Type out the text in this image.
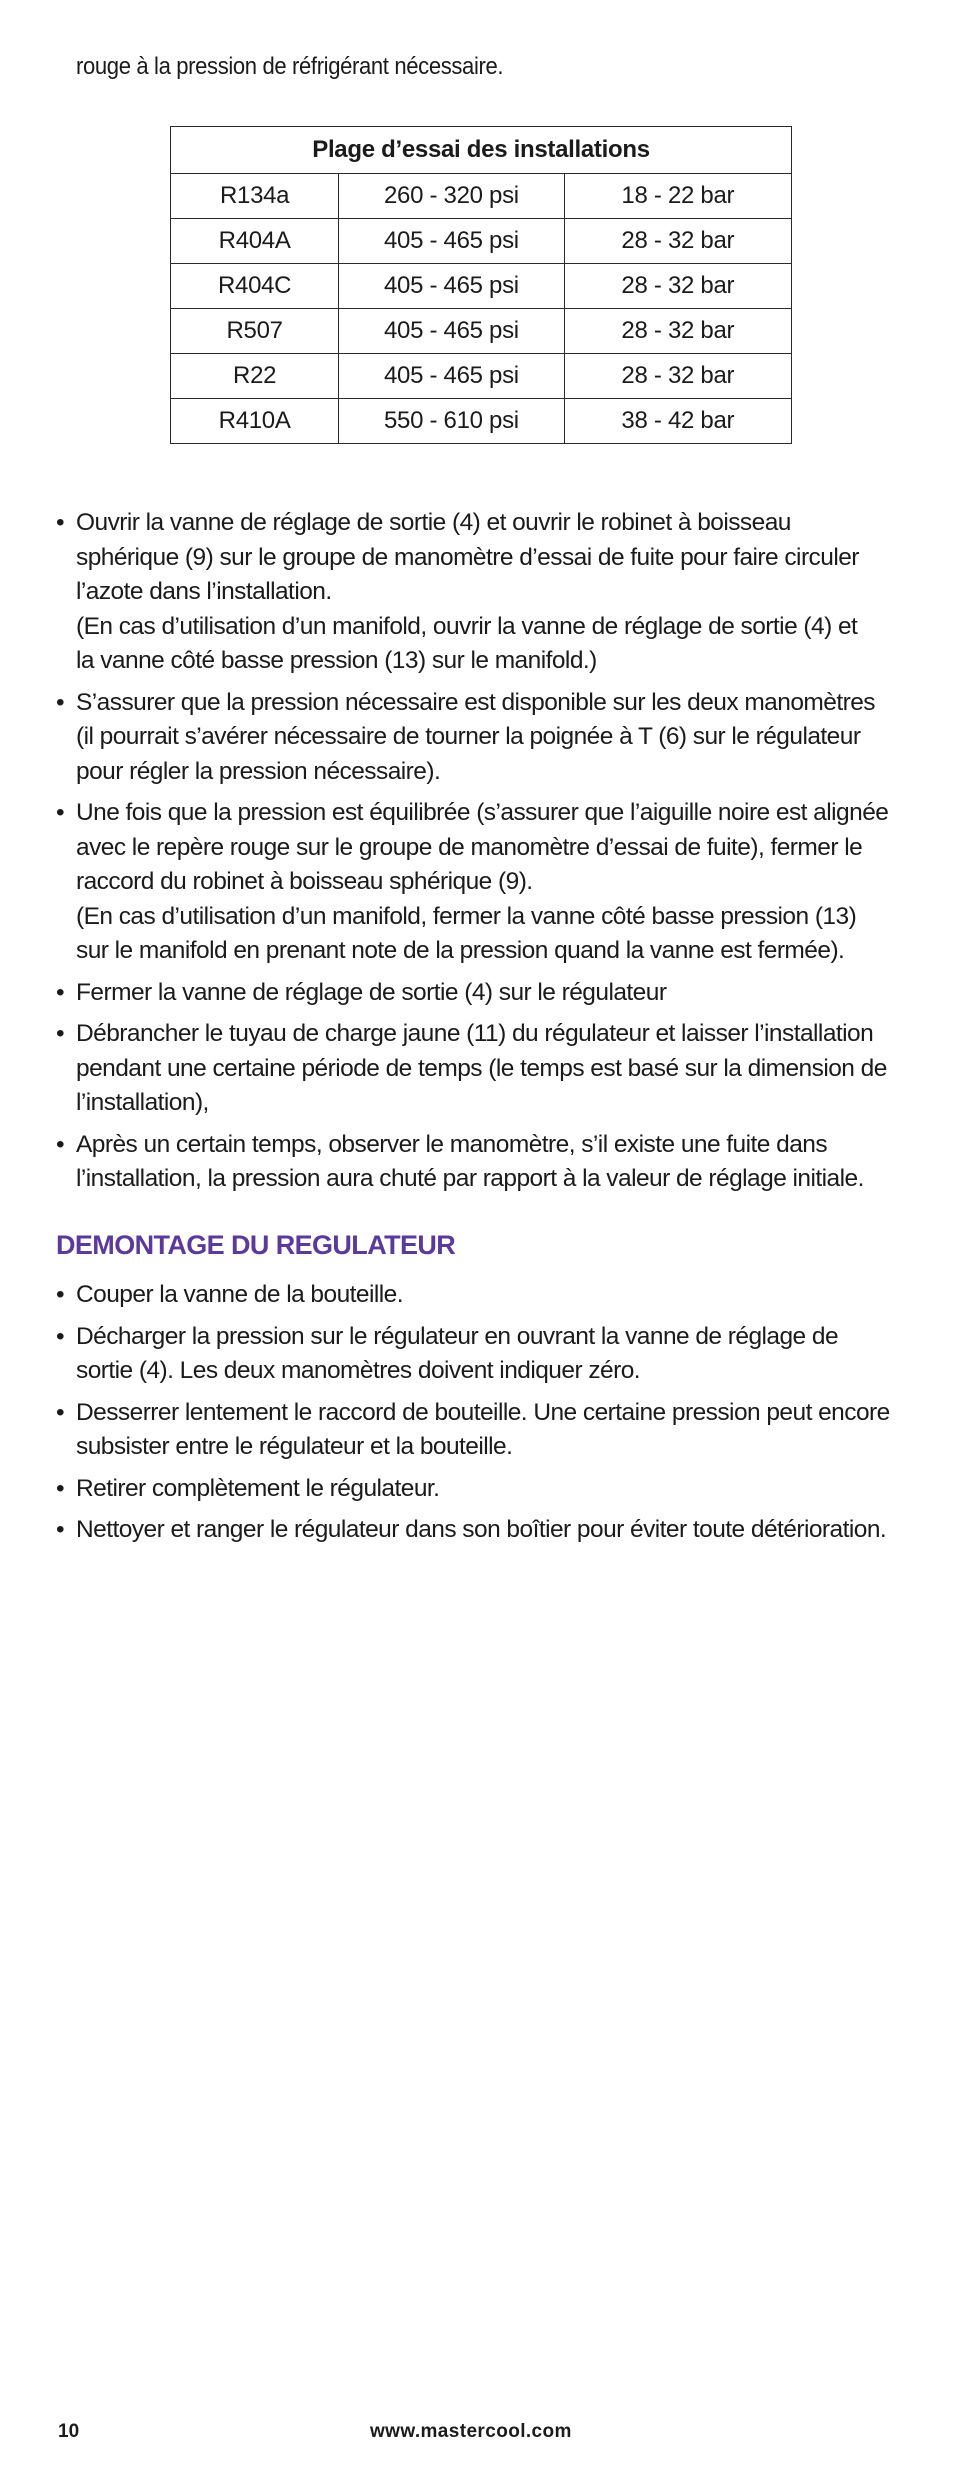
rouge à la pression de réfrigérant nécessaire.
Plage d’essai des installations		
R134a	260 - 320 psi	18 - 22 bar
R404A	405 - 465 psi	28 - 32 bar
R404C	405 - 465 psi	28 - 32 bar
R507	405 - 465 psi	28 - 32 bar
R22	405 - 465 psi	28 - 32 bar
R410A	550 - 610 psi	38 - 42 bar
• Ouvrir la vanne de réglage de sortie (4) et ouvrir le robinet à boisseau
sphérique (9) sur le groupe de manomètre d’essai de fuite pour faire circuler
l’azote dans l’installation.
(En cas d’utilisation d’un manifold, ouvrir la vanne de réglage de sortie (4) et
la vanne côté basse pression (13) sur le manifold.)
• S’assurer que la pression nécessaire est disponible sur les deux manomètres
(il pourrait s’avérer nécessaire de tourner la poignée à T (6) sur le régulateur
pour régler la pression nécessaire).
• Une fois que la pression est équilibrée (s’assurer que l’aiguille noire est alignée
avec le repère rouge sur le groupe de manomètre d’essai de fuite), fermer le
raccord du robinet à boisseau sphérique (9).
(En cas d’utilisation d’un manifold, fermer la vanne côté basse pression (13)
sur le manifold en prenant note de la pression quand la vanne est fermée).
• Fermer la vanne de réglage de sortie (4) sur le régulateur
• Débrancher le tuyau de charge jaune (11) du régulateur et laisser l’installation
pendant une certaine période de temps (le temps est basé sur la dimension de
l’installation),
• Après un certain temps, observer le manomètre, s’il existe une fuite dans
l’installation, la pression aura chuté par rapport à la valeur de réglage initiale.
DEMONTAGE DU REGULATEUR
• Couper la vanne de la bouteille.
• Décharger la pression sur le régulateur en ouvrant la vanne de réglage de
sortie (4). Les deux manomètres doivent indiquer zéro.
• Desserrer lentement le raccord de bouteille. Une certaine pression peut encore
subsister entre le régulateur et la bouteille.
• Retirer complètement le régulateur.
• Nettoyer et ranger le régulateur dans son boîtier pour éviter toute détérioration.
10	www.mastercool.com
